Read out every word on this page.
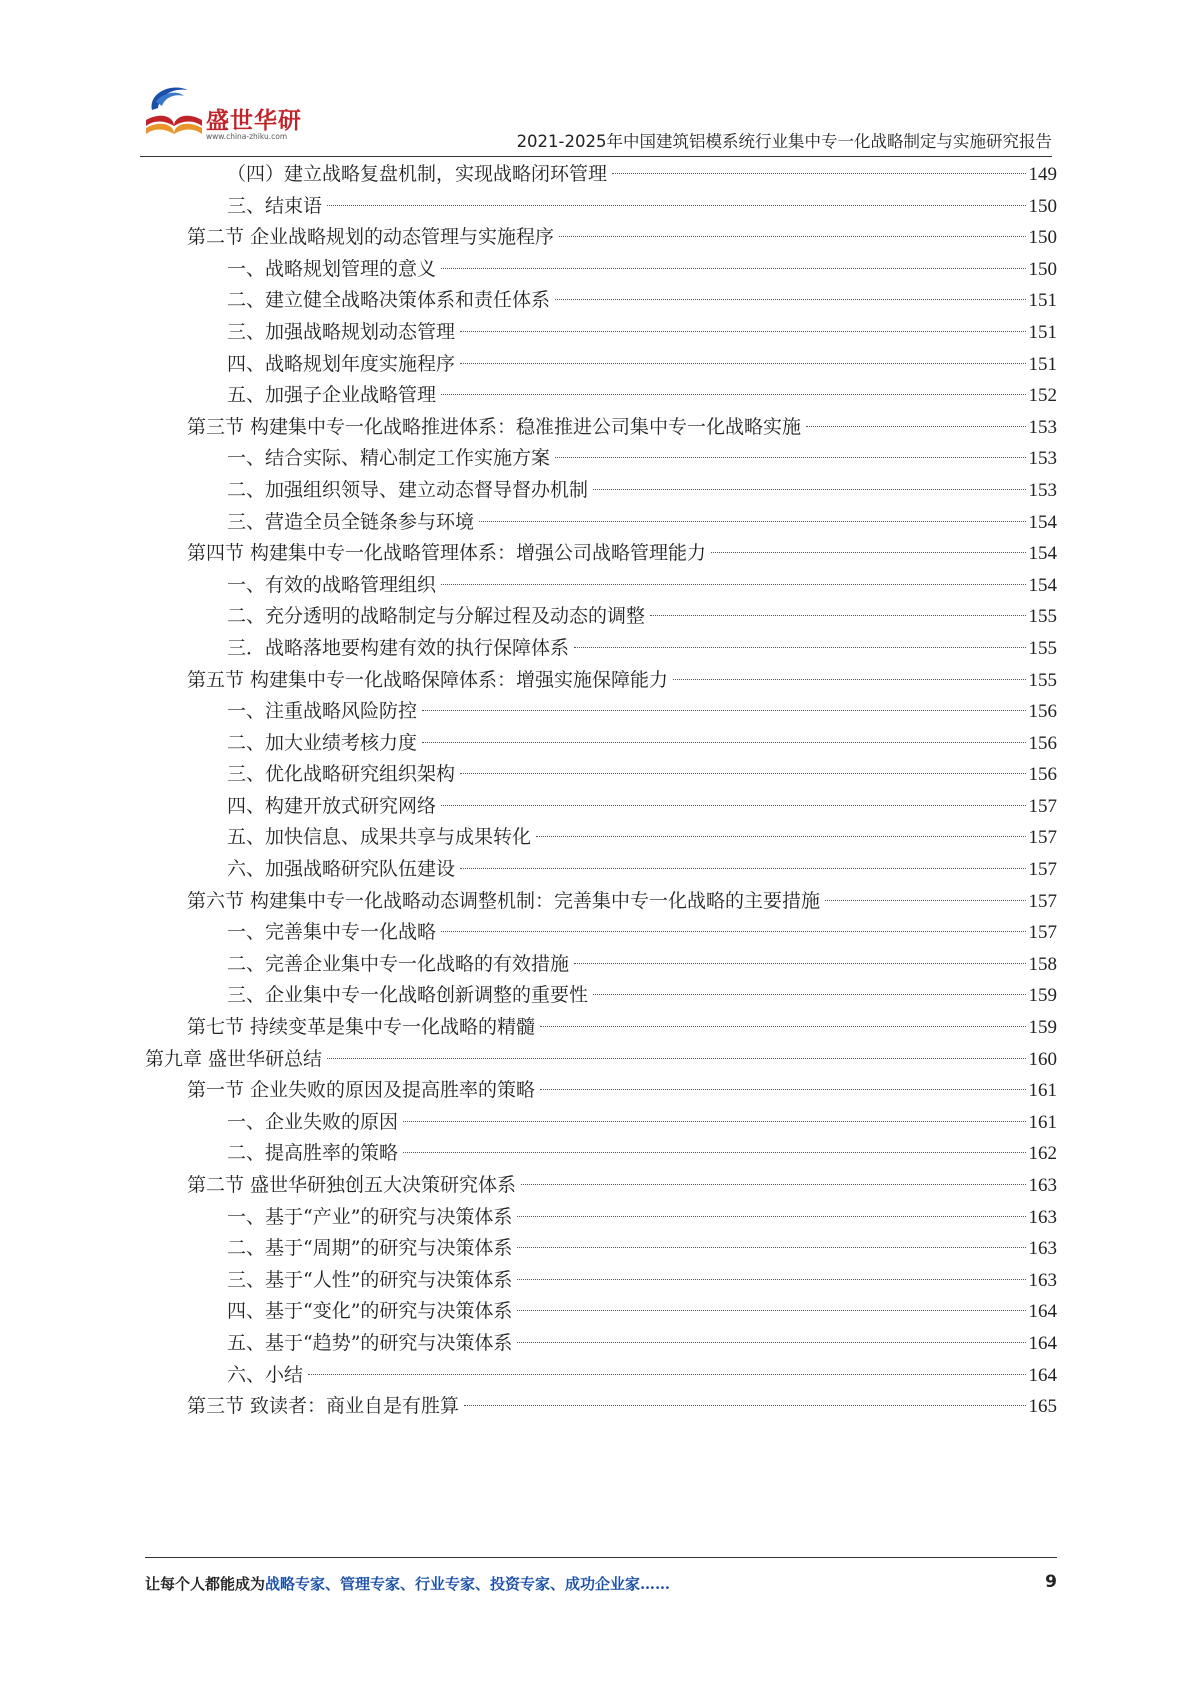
盛世华研
www.china-zhiku.com	2021-2025年中国建筑铝模系统行业集中专一化战略制定与实施研究报告
（四）建立战略复盘机制，实现战略闭环管理	149
三、结束语	150
第二节 企业战略规划的动态管理与实施程序	150
一、战略规划管理的意义	150
二、建立健全战略决策体系和责任体系	151
三、加强战略规划动态管理	151
四、战略规划年度实施程序	151
五、加强子企业战略管理	152
第三节 构建集中专一化战略推进体系：稳准推进公司集中专一化战略实施	153
一、结合实际、精心制定工作实施方案	153
二、加强组织领导、建立动态督导督办机制	153
三、营造全员全链条参与环境	154
第四节 构建集中专一化战略管理体系：增强公司战略管理能力	154
一、有效的战略管理组织	154
二、充分透明的战略制定与分解过程及动态的调整	155
三．战略落地要构建有效的执行保障体系	155
第五节 构建集中专一化战略保障体系：增强实施保障能力	155
一、注重战略风险防控	156
二、加大业绩考核力度	156
三、优化战略研究组织架构	156
四、构建开放式研究网络	157
五、加快信息、成果共享与成果转化	157
六、加强战略研究队伍建设	157
第六节 构建集中专一化战略动态调整机制：完善集中专一化战略的主要措施	157
一、完善集中专一化战略	157
二、完善企业集中专一化战略的有效措施	158
三、企业集中专一化战略创新调整的重要性	159
第七节 持续变革是集中专一化战略的精髓	159
第九章 盛世华研总结	160
第一节 企业失败的原因及提高胜率的策略	161
一、企业失败的原因	161
二、提高胜率的策略	162
第二节 盛世华研独创五大决策研究体系	163
一、基于“产业”的研究与决策体系	163
二、基于“周期”的研究与决策体系	163
三、基于“人性”的研究与决策体系	163
四、基于“变化”的研究与决策体系	164
五、基于“趋势”的研究与决策体系	164
六、小结	164
第三节 致读者：商业自是有胜算	165
让每个人都能成为战略专家、管理专家、行业专家、投资专家、成功企业家……	9
